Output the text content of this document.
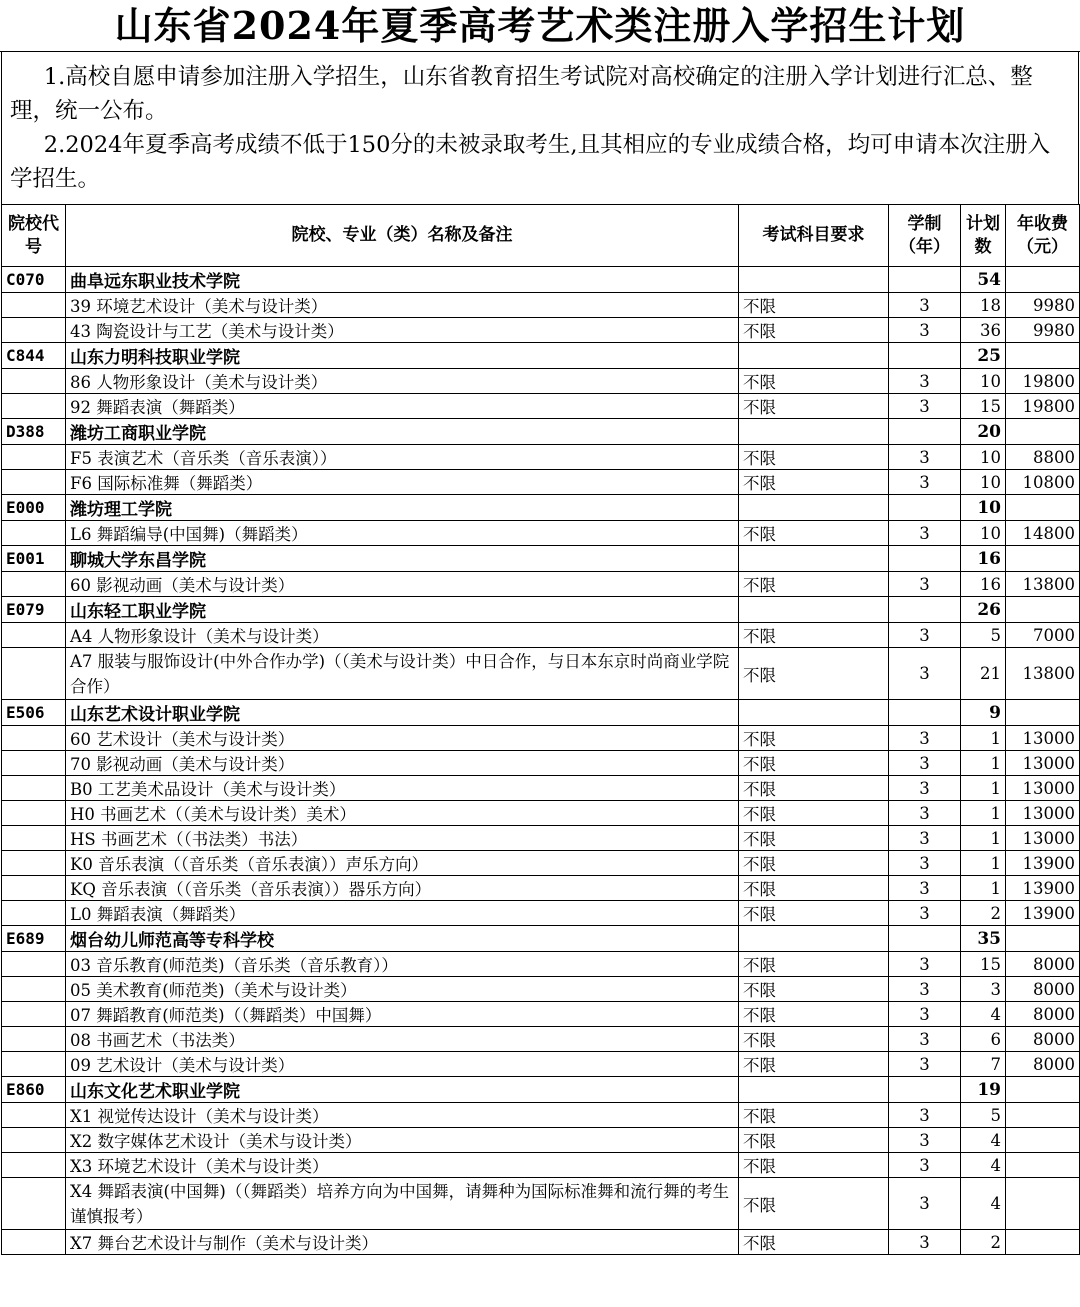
山东省2024年夏季高考艺术类注册入学招生计划

1.高校自愿申请参加注册入学招生，山东省教育招生考试院对高校确定的注册入学计划进行汇总、整理，统一公布。

2.2024年夏季高考成绩不低于150分的未被录取考生,且其相应的专业成绩合格，均可申请本次注册入学招生。

院校代号	院校、专业（类）名称及备注	考试科目要求	学制（年）	计划数	年收费（元）
C070	曲阜远东职业技术学院			54	
	39 环境艺术设计（美术与设计类）	不限	3	18	9980
	43 陶瓷设计与工艺（美术与设计类）	不限	3	36	9980
C844	山东力明科技职业学院			25	
	86 人物形象设计（美术与设计类）	不限	3	10	19800
	92 舞蹈表演（舞蹈类）	不限	3	15	19800
D388	潍坊工商职业学院			20	
	F5 表演艺术（音乐类（音乐表演））	不限	3	10	8800
	F6 国际标准舞（舞蹈类）	不限	3	10	10800
E000	潍坊理工学院			10	
	L6 舞蹈编导(中国舞)（舞蹈类）	不限	3	10	14800
E001	聊城大学东昌学院			16	
	60 影视动画（美术与设计类）	不限	3	16	13800
E079	山东轻工职业学院			26	
	A4 人物形象设计（美术与设计类）	不限	3	5	7000
	A7 服装与服饰设计(中外合作办学)（（美术与设计类）中日合作，与日本东京时尚商业学院合作）	不限	3	21	13800
E506	山东艺术设计职业学院			9	
	60 艺术设计（美术与设计类）	不限	3	1	13000
	70 影视动画（美术与设计类）	不限	3	1	13000
	B0 工艺美术品设计（美术与设计类）	不限	3	1	13000
	H0 书画艺术（（美术与设计类）美术）	不限	3	1	13000
	HS 书画艺术（（书法类）书法）	不限	3	1	13000
	K0 音乐表演（（音乐类（音乐表演））声乐方向）	不限	3	1	13900
	KQ 音乐表演（（音乐类（音乐表演））器乐方向）	不限	3	1	13900
	L0 舞蹈表演（舞蹈类）	不限	3	2	13900
E689	烟台幼儿师范高等专科学校			35	
	03 音乐教育(师范类)（音乐类（音乐教育））	不限	3	15	8000
	05 美术教育(师范类)（美术与设计类）	不限	3	3	8000
	07 舞蹈教育(师范类)（（舞蹈类）中国舞）	不限	3	4	8000
	08 书画艺术（书法类）	不限	3	6	8000
	09 艺术设计（美术与设计类）	不限	3	7	8000
E860	山东文化艺术职业学院			19	
	X1 视觉传达设计（美术与设计类）	不限	3	5	
	X2 数字媒体艺术设计（美术与设计类）	不限	3	4	
	X3 环境艺术设计（美术与设计类）	不限	3	4	
	X4 舞蹈表演(中国舞)（（舞蹈类）培养方向为中国舞，请舞种为国际标准舞和流行舞的考生谨慎报考）	不限	3	4	
	X7 舞台艺术设计与制作（美术与设计类）	不限	3	2	
